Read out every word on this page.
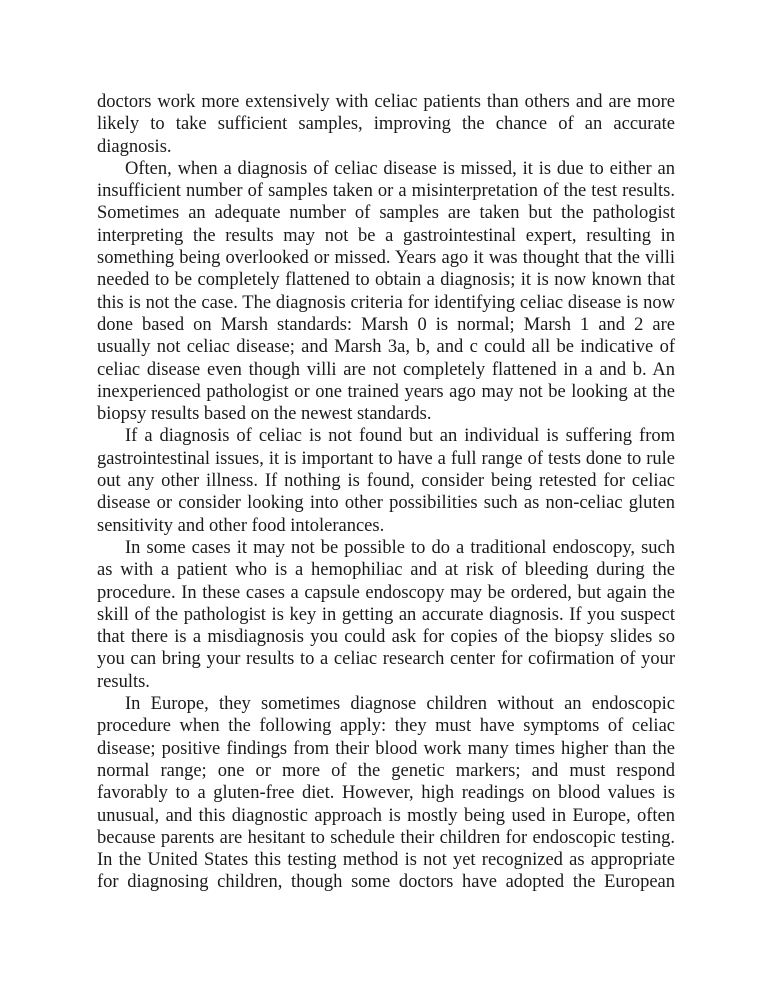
doctors work more extensively with celiac patients than others and are more likely to take sufficient samples, improving the chance of an accurate diagnosis.

Often, when a diagnosis of celiac disease is missed, it is due to either an insufficient number of samples taken or a misinterpretation of the test results. Sometimes an adequate number of samples are taken but the pathologist interpreting the results may not be a gastrointestinal expert, resulting in something being overlooked or missed. Years ago it was thought that the villi needed to be completely flattened to obtain a diagnosis; it is now known that this is not the case. The diagnosis criteria for identifying celiac disease is now done based on Marsh standards: Marsh 0 is normal; Marsh 1 and 2 are usually not celiac disease; and Marsh 3a, b, and c could all be indicative of celiac disease even though villi are not completely flattened in a and b. An inexperienced pathologist or one trained years ago may not be looking at the biopsy results based on the newest standards.

If a diagnosis of celiac is not found but an individual is suffering from gastrointestinal issues, it is important to have a full range of tests done to rule out any other illness. If nothing is found, consider being retested for celiac disease or consider looking into other possibilities such as non-celiac gluten sensitivity and other food intolerances.

In some cases it may not be possible to do a traditional endoscopy, such as with a patient who is a hemophiliac and at risk of bleeding during the procedure. In these cases a capsule endoscopy may be ordered, but again the skill of the pathologist is key in getting an accurate diagnosis. If you suspect that there is a misdiagnosis you could ask for copies of the biopsy slides so you can bring your results to a celiac research center for cofirmation of your results.

In Europe, they sometimes diagnose children without an endoscopic procedure when the following apply: they must have symptoms of celiac disease; positive findings from their blood work many times higher than the normal range; one or more of the genetic markers; and must respond favorably to a gluten-free diet. However, high readings on blood values is unusual, and this diagnostic approach is mostly being used in Europe, often because parents are hesitant to schedule their children for endoscopic testing. In the United States this testing method is not yet recognized as appropriate for diagnosing children, though some doctors have adopted the European
